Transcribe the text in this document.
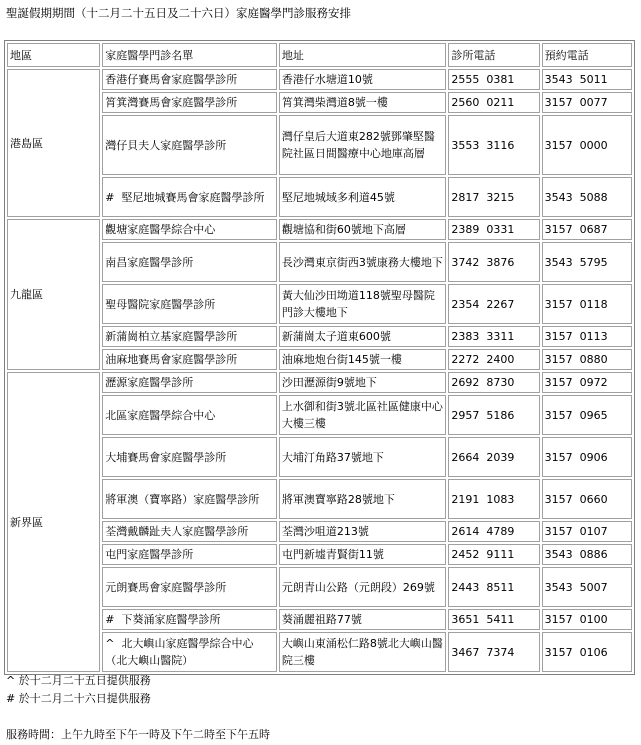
聖誕假期期間（十二月二十五日及二十六日）家庭醫學門診服務安排
地區	家庭醫學門診名單	地址	診所電話	預約電話
港島區	香港仔賽馬會家庭醫學診所	香港仔水塘道10號	2555  0381	3543  5011
	筲箕灣賽馬會家庭醫學診所	筲箕灣柴灣道8號一樓	2560  0211	3157  0077
	灣仔貝夫人家庭醫學診所	灣仔皇后大道東282號鄧肇堅醫院社區日間醫療中心地庫高層	3553  3116	3157  0000
	#  堅尼地城賽馬會家庭醫學診所	堅尼地城域多利道45號	2817  3215	3543  5088
九龍區	觀塘家庭醫學綜合中心	觀塘協和街60號地下高層	2389  0331	3157  0687
	南昌家庭醫學診所	長沙灣東京街西3號康務大樓地下	3742  3876	3543  5795
	聖母醫院家庭醫學診所	黃大仙沙田坳道118號聖母醫院門診大樓地下	2354  2267	3157  0118
	新蒲崗柏立基家庭醫學診所	新蒲崗太子道東600號	2383  3311	3157  0113
	油麻地賽馬會家庭醫學診所	油麻地炮台街145號一樓	2272  2400	3157  0880
新界區	瀝源家庭醫學診所	沙田瀝源街9號地下	2692  8730	3157  0972
	北區家庭醫學綜合中心	上水御和街3號北區社區健康中心大樓三樓	2957  5186	3157  0965
	大埔賽馬會家庭醫學診所	大埔汀角路37號地下	2664  2039	3157  0906
	將軍澳（寶寧路）家庭醫學診所	將軍澳寶寧路28號地下	2191  1083	3157  0660
	荃灣戴麟趾夫人家庭醫學診所	荃灣沙咀道213號	2614  4789	3157  0107
	屯門家庭醫學診所	屯門新墟青賢街11號	2452  9111	3543  0886
	元朗賽馬會家庭醫學診所	元朗青山公路（元朗段）269號	2443  8511	3543  5007
	#  下葵涌家庭醫學診所	葵涌麗祖路77號	3651  5411	3157  0100
	^  北大嶼山家庭醫學綜合中心（北大嶼山醫院）	大嶼山東涌松仁路8號北大嶼山醫院三樓	3467  7374	3157  0106
^ 於十二月二十五日提供服務
# 於十二月二十六日提供服務
服務時間：上午九時至下午一時及下午二時至下午五時
